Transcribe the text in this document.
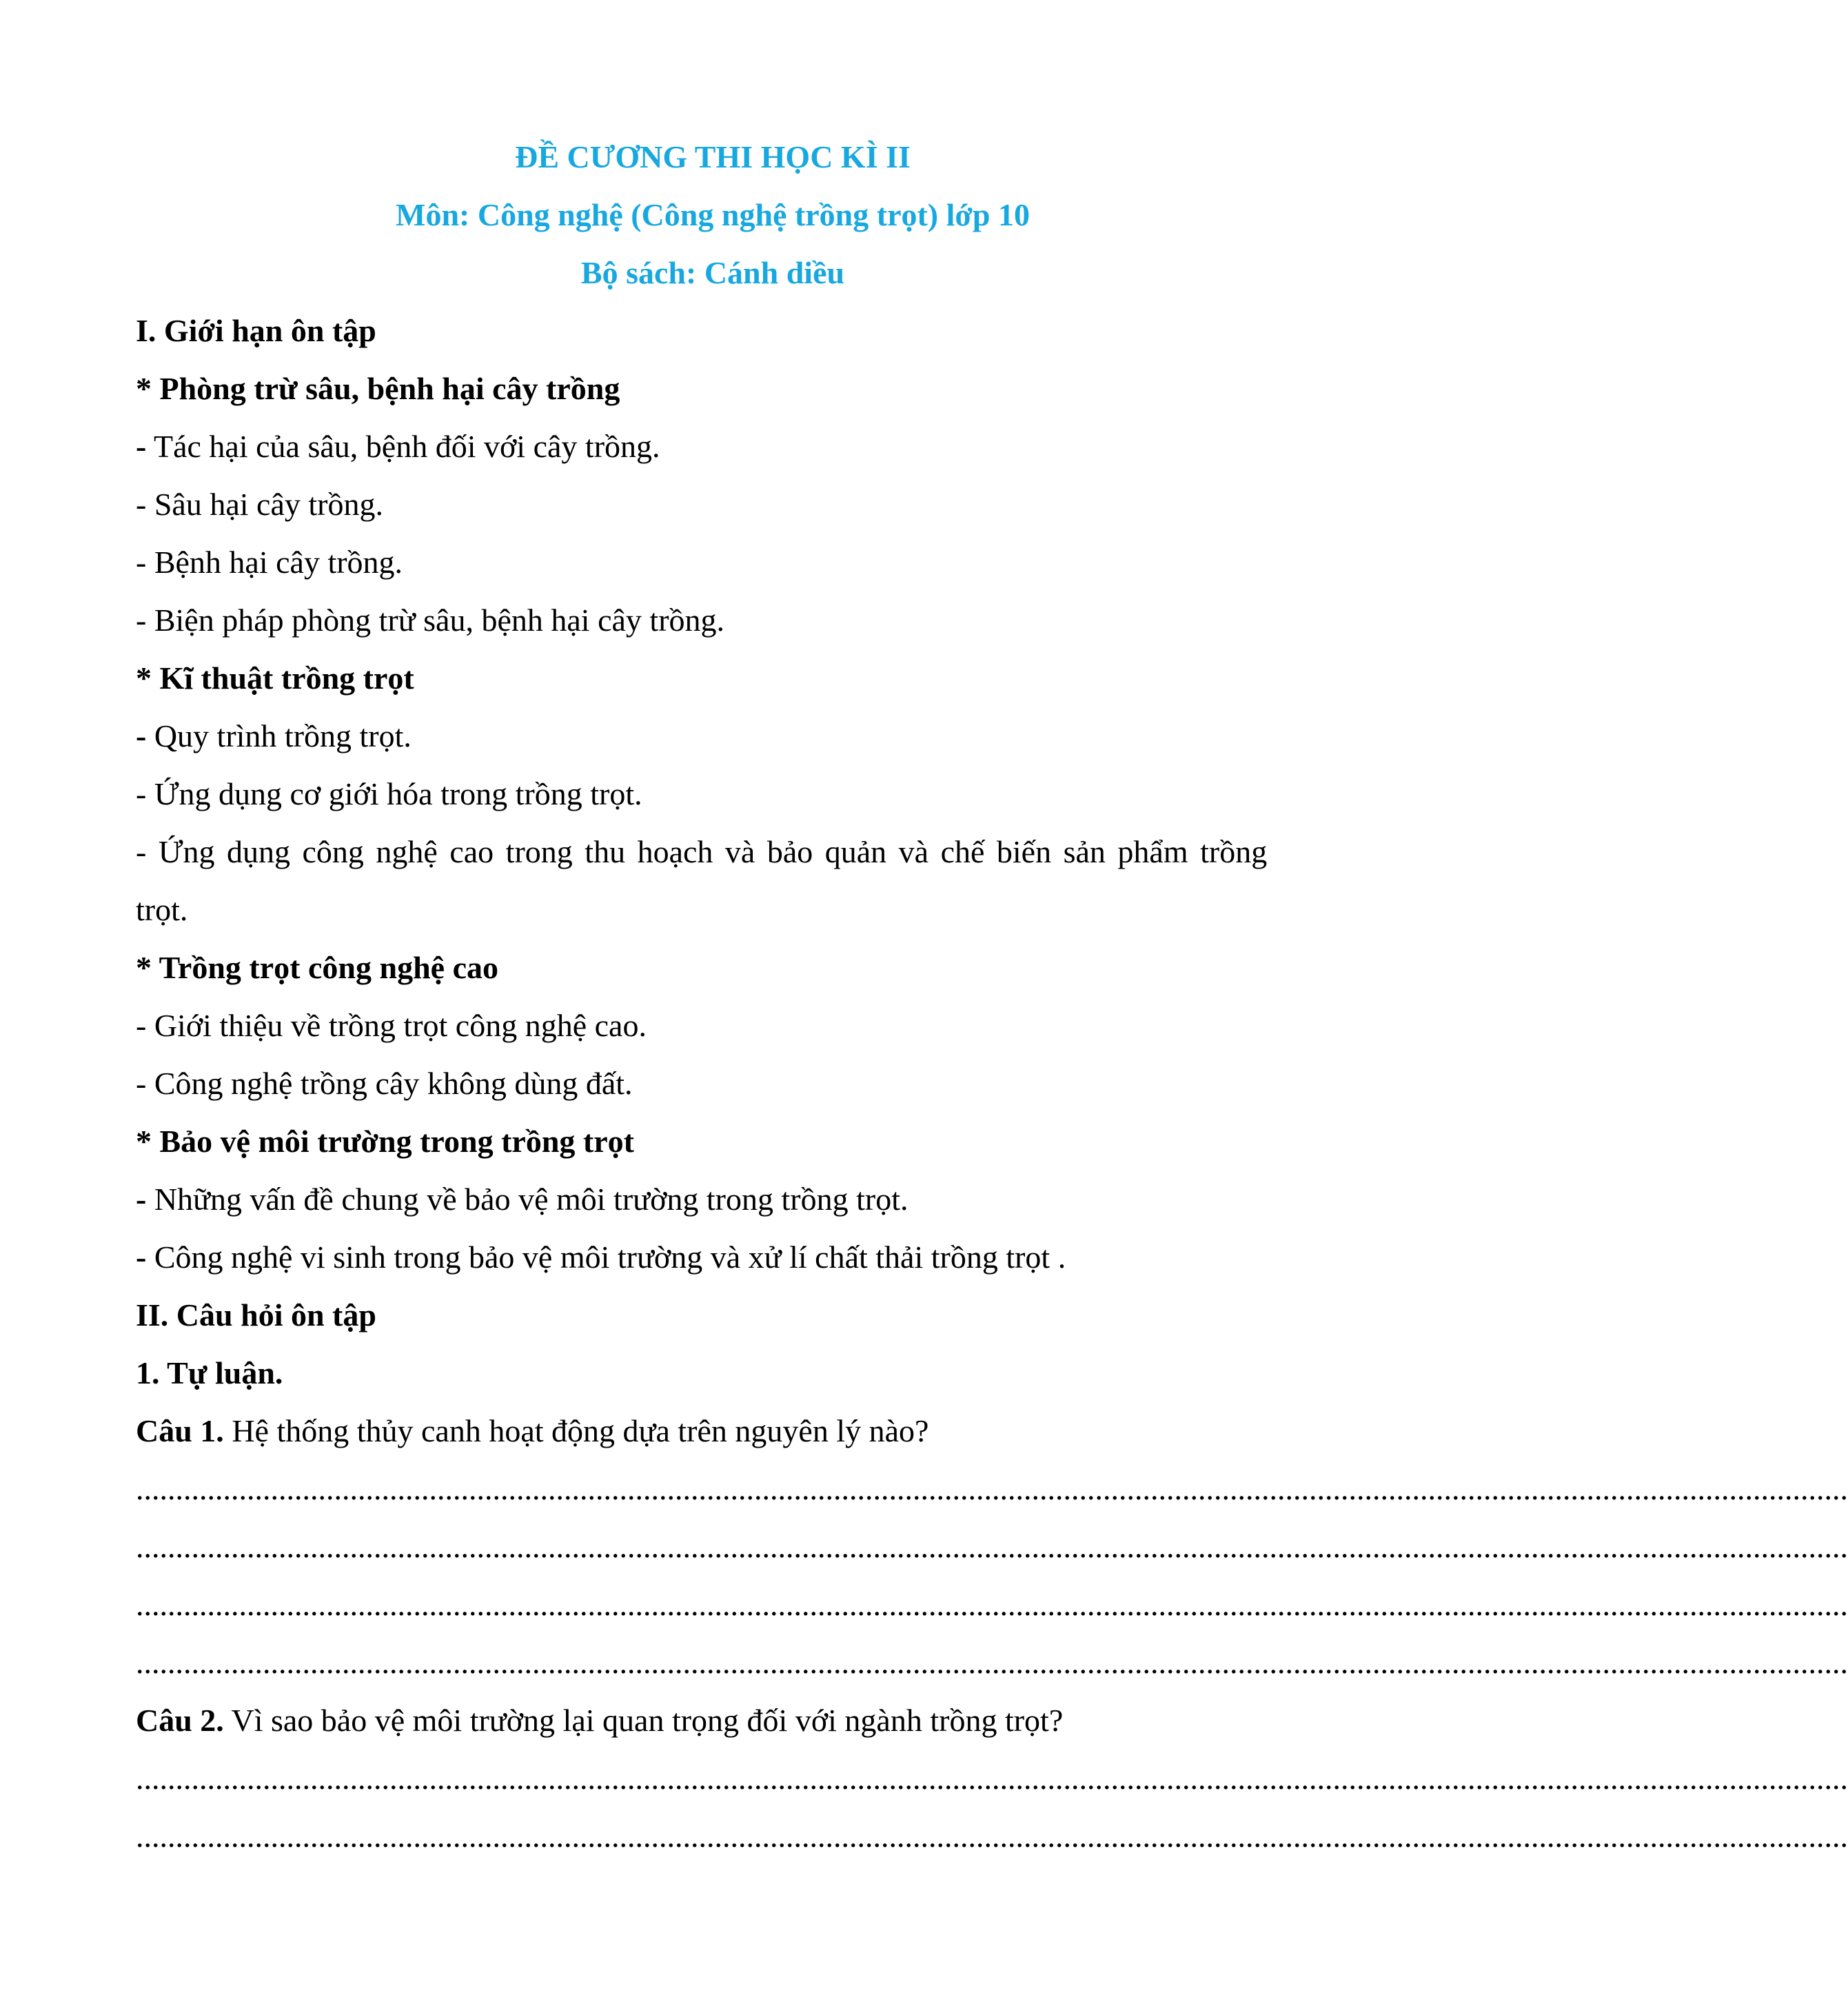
ĐỀ CƯƠNG THI HỌC KÌ II
Môn: Công nghệ (Công nghệ trồng trọt) lớp 10
Bộ sách: Cánh diều
I. Giới hạn ôn tập
* Phòng trừ sâu, bệnh hại cây trồng
- Tác hại của sâu, bệnh đối với cây trồng.
- Sâu hại cây trồng.
- Bệnh hại cây trồng.
- Biện pháp phòng trừ sâu, bệnh hại cây trồng.
* Kĩ thuật trồng trọt
- Quy trình trồng trọt.
- Ứng dụng cơ giới hóa trong trồng trọt.
- Ứng dụng công nghệ cao trong thu hoạch và bảo quản và chế biến sản phẩm trồng
trọt.
* Trồng trọt công nghệ cao
- Giới thiệu về trồng trọt công nghệ cao.
- Công nghệ trồng cây không dùng đất.
* Bảo vệ môi trường trong trồng trọt
- Những vấn đề chung về bảo vệ môi trường trong trồng trọt.
- Công nghệ vi sinh trong bảo vệ môi trường và xử lí chất thải trồng trọt .
II. Câu hỏi ôn tập
1. Tự luận.
Câu 1. Hệ thống thủy canh hoạt động dựa trên nguyên lý nào?
........................................................................................................................................................................................................................
........................................................................................................................................................................................................................
........................................................................................................................................................................................................................
........................................................................................................................................................................................................................
Câu 2. Vì sao bảo vệ môi trường lại quan trọng đối với ngành trồng trọt?
........................................................................................................................................................................................................................
........................................................................................................................................................................................................................
